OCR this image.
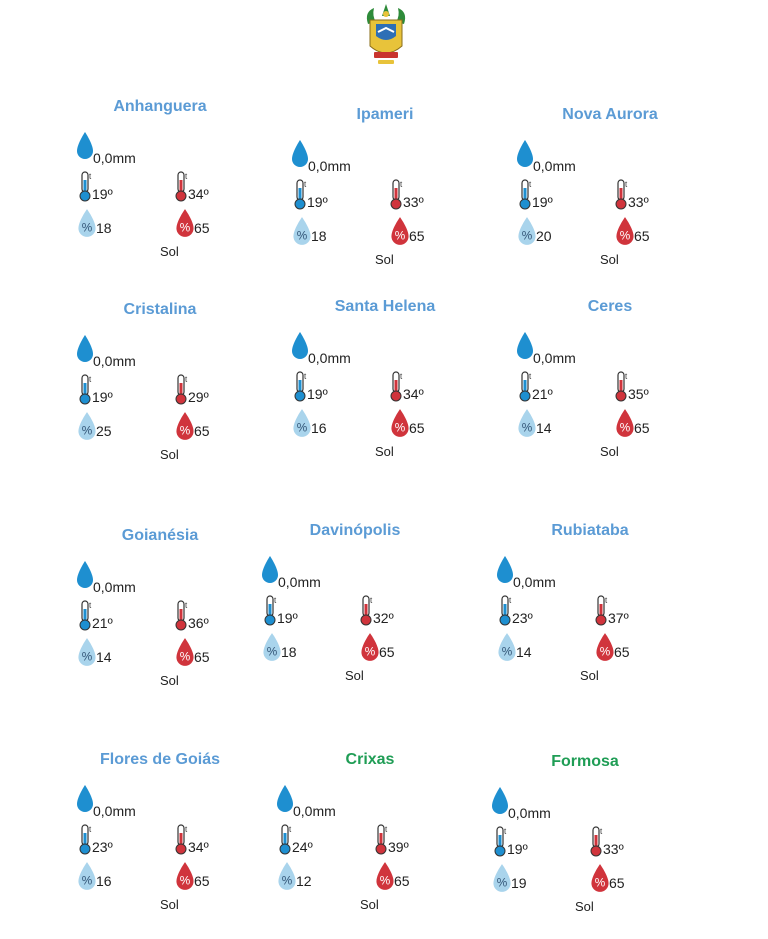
Anhanguera
0,0mm
t
19º
t
34º
% 18	% 65
Sol
Ipameri
0,0mm
t
19º
t
33º
% 18	% 65
Sol
Nova Aurora
0,0mm
t
19º
t
33º
% 20	% 65
Sol
Cristalina
0,0mm
t
19º
t
29º
% 25	% 65
Sol
Santa Helena
0,0mm
t
19º
t
34º
% 16	% 65
Sol
Ceres
0,0mm
t
21º
t
35º
% 14	% 65
Sol
Goianésia
0,0mm
t
21º
t
36º
% 14	% 65
Sol
Davinópolis
0,0mm
t
19º
t
32º
% 18	% 65
Sol
Rubiataba
0,0mm
t
23º
t
37º
% 14	% 65
Sol
Flores de Goiás
0,0mm
t
23º
t
34º
% 16	% 65
Sol
Crixas
0,0mm
t
24º
t
39º
% 12	% 65
Sol
Formosa
0,0mm
t
19º
t
33º
% 19	% 65
Sol
